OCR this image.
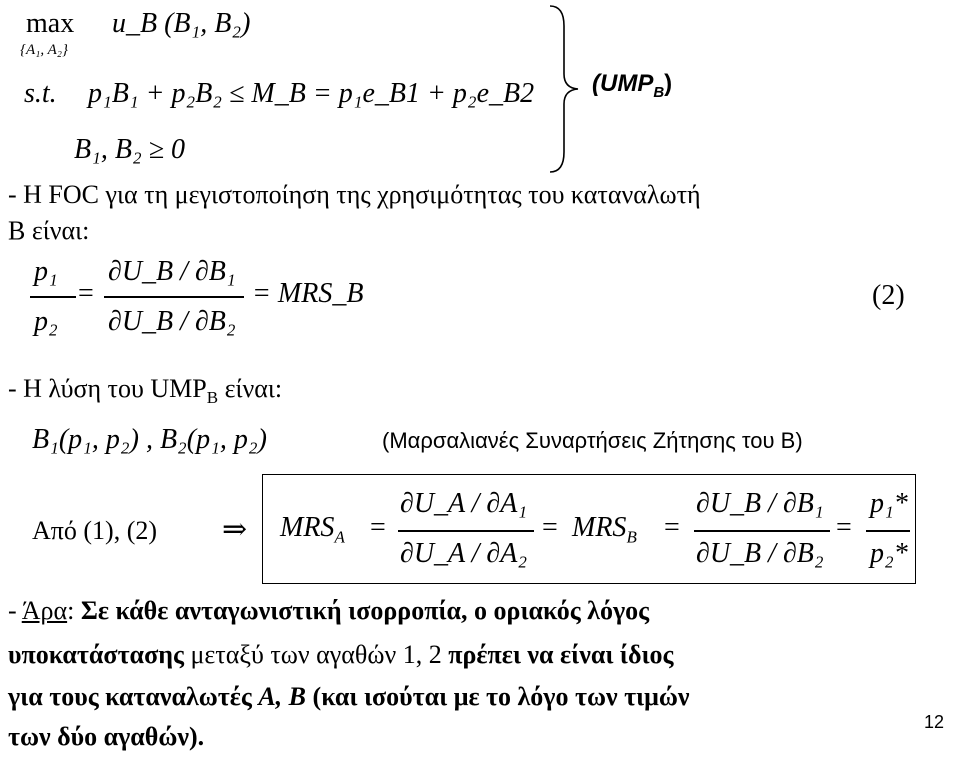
max
{A₁, A₂}
u_B (B₁, B₂)
s.t. p₁B₁ + p₂B₂ ≤ M_B = p₁e_B1 + p₂e_B2
B₁, B₂ ≥ 0
$(UMP_B)$
- Η FOC για τη μεγιστοποίηση της χρησιμότητας του καταναλωτή
Β είναι:
p₁
p₂
=
∂U_B / ∂B₁
∂U_B / ∂B₂
= MRS_B	(2)
- Η λύση του $UMP_B$ είναι:
B₁(p₁, p₂) , B₂(p₁, p₂)	(Μαρσαλιανές Συναρτήσεις Ζήτησης του Β)
Από (1), (2) ⇒ $MRS_A$ =
∂U_A / ∂A₁
∂U_A / ∂A₂
= $MRS_B$ =
∂U_B / ∂B₁
∂U_B / ∂B₂
=
p₁*
p₂*
- Άρα: Σε κάθε ανταγωνιστική ισορροπία, ο οριακός λόγος
υποκατάστασης μεταξύ των αγαθών 1, 2 πρέπει να είναι ίδιος
για τους καταναλωτές A, B (και ισούται με το λόγο των τιμών
των δύο αγαθών).	12
